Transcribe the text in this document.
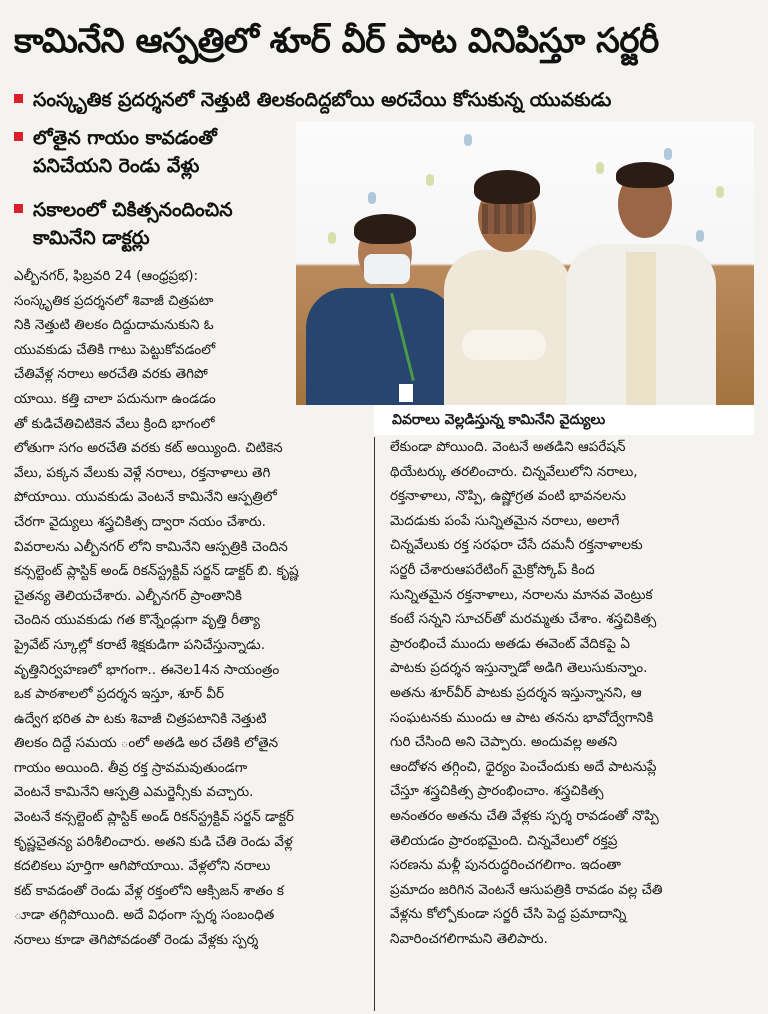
కామినేని ఆస్పత్రిలో శూర్ వీర్ పాట వినిపిస్తూ సర్జరీ
సంస్కృతిక ప్రదర్శనలో నెత్తుటి తిలకందిద్దబోయి అరచేయి కోసుకున్న యువకుడు
లోతైన గాయం కావడంతో
పనిచేయని రెండు వేళ్లు
సకాలంలో చికిత్సనందించిన
కామినేని డాక్టర్లు
వివరాలు వెల్లడిస్తున్న కామినేని వైద్యులు
ఎల్బీనగర్, ఫిబ్రవరి 24 (ఆంధ్రప్రభ):
సంస్కృతిక ప్రదర్శనలో శివాజీ చిత్రపటా
నికి నెత్తుటి తిలకం దిద్దుదామనుకుని ఓ
యువకుడు చేతికి గాటు పెట్టుకోవడంలో
చేతివేళ్ల నరాలు అరచేతి వరకు తెగిపో
యాయి. కత్తి చాలా పదునుగా ఉండడం
తో కుడిచేతిచిటికెన వేలు క్రింది భాగంలో
లోతుగా సగం అరచేతి వరకు కట్ అయ్యింది. చిటికెన
వేలు, పక్కన వేలుకు వెళ్లే నరాలు, రక్తనాళాలు తెగి
పోయాయి. యువకుడు వెంటనే కామినేని ఆస్పత్రిలో
చేరగా వైద్యులు శస్త్రచికిత్స ద్వారా నయం చేశారు.
వివరాలను ఎల్బీనగర్ లోని కామినేని ఆస్పత్రికి చెందిన
కన్సల్టెంట్ ప్లాస్టిక్ అండ్ రికన్‌స్ట్రక్టివ్ సర్జన్ డాక్టర్ బి. కృష్ణ
చైతన్య తెలియచేశారు. ఎల్బీనగర్ ప్రాంతానికి
చెందిన యువకుడు గత కొన్నేండ్లుగా వృత్తి రీత్యా
ప్రైవేట్ స్కూల్లో కరాటే శిక్షకుడిగా పనిచేస్తున్నాడు.
వృత్తినిర్వహణలో భాగంగా.. ఈనెల14న సాయంత్రం
ఒక పాఠశాలలో ప్రదర్శన ఇస్తూ, శూర్ వీర్
ఉద్వేగ భరిత పా టకు శివాజీ చిత్రపటానికి నెత్తుటి
తిలకం దిద్దే సమయ ంలో అతడి అర చేతికి లోతైన
గాయం అయింది. తీవ్ర రక్త స్రావమవుతుండగా
వెంటనే కామినేని ఆస్పత్రి ఎమర్జెన్సీకు వచ్చారు.
వెంటనే కన్సల్టెంట్ ప్లాస్టిక్ అండ్ రికన్‌స్ట్రక్టివ్ సర్జన్ డాక్టర్
కృష్ణచైతన్య పరిశీలించారు. అతని కుడి చేతి రెండు వేళ్ల
కదలికలు పూర్తిగా ఆగిపోయాయి. వేళ్లలోని నరాలు
కట్ కావడంతో రెండు వేళ్ల రక్తంలోని ఆక్సిజన్ శాతం క
ూడా తగ్గిపోయింది. అదే విధంగా స్పర్శ సంబంధిత
నరాలు కూడా తెగిపోవడంతో రెండు వేళ్లకు స్పర్శ
లేకుండా పోయింది. వెంటనే అతడిని ఆపరేషన్
థియేటర్కు తరలించారు. చిన్నవేలులోని నరాలు,
రక్తనాళాలు, నొప్పి, ఉష్ణోగ్రత వంటి భావనలను
మెదడుకు పంపే సున్నితమైన నరాలు, అలాగే
చిన్నవేలుకు రక్త సరఫరా చేసే దమనీ రక్తనాళాలకు
సర్జరీ చేశారుఆపరేటింగ్ మైక్రోస్కోప్ కింద
సున్నితమైన రక్తనాళాలు, నరాలను మానవ వెంట్రుక
కంటే సన్నని సూచర్‌తో మరమ్మతు చేశాం. శస్త్రచికిత్స
ప్రారంభించే ముందు అతడు ఈవెంట్ వేదికపై ఏ
పాటకు ప్రదర్శన ఇస్తున్నాడో అడిగి తెలుసుకున్నాం.
అతను శూర్‌వీర్ పాటకు ప్రదర్శన ఇస్తున్నానని, ఆ
సంఘటనకు ముందు ఆ పాట తనను భావోద్వేగానికి
గురి చేసింది అని చెప్పారు. అందువల్ల అతని
ఆందోళన తగ్గించి, ధైర్యం పెంచేందుకు అదే పాటనుప్లే
చేస్తూ శస్త్రచికిత్స ప్రారంభించాం. శస్త్రచికిత్స
అనంతరం అతను చేతి వేళ్లకు స్పర్శ రావడంతో నొప్పి
తెలియడం ప్రారంభమైంది. చిన్నవేలులో రక్తప్ర
సరణను మళ్లీ పునరుద్ధరించగలిగాం. ఇదంతా
ప్రమాదం జరిగిన వెంటనే ఆసుపత్రికి రావడం వల్ల చేతి
వేళ్లను కోల్పోకుండా సర్జరీ చేసి పెద్ద ప్రమాదాన్ని
నివారించగలిగామని తెలిపారు.
